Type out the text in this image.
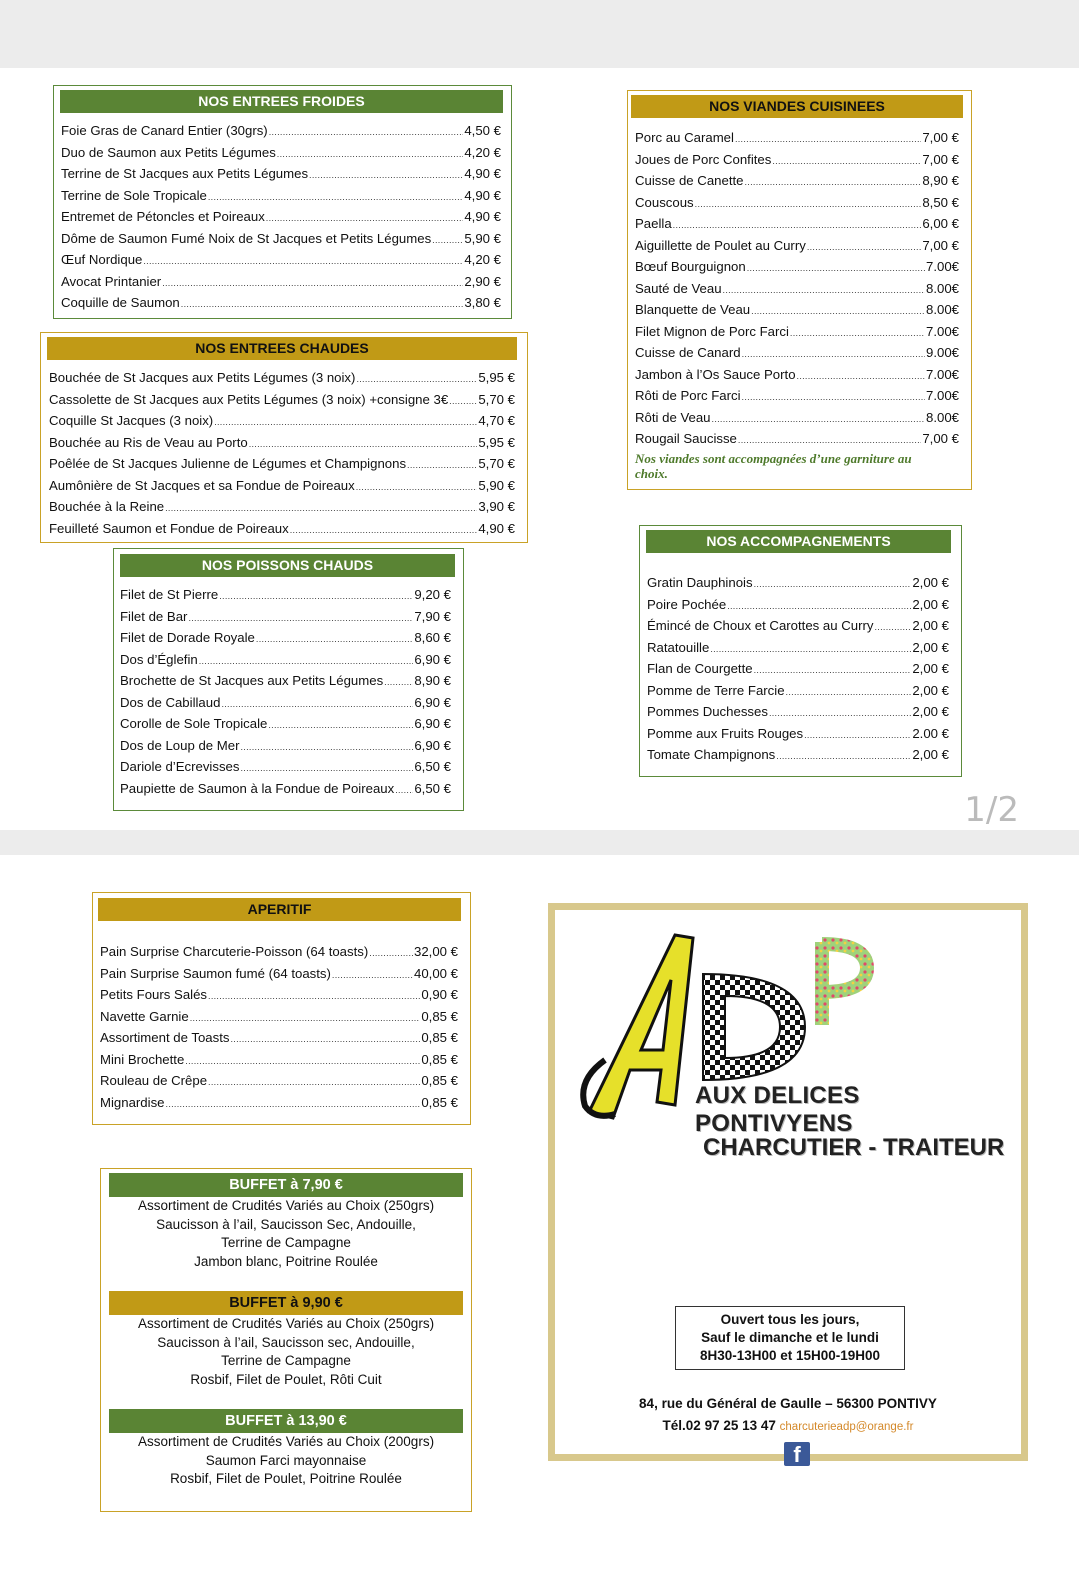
NOS ENTREES FROIDES
Foie Gras de Canard Entier (30grs) .....	4,50 €
Duo de Saumon aux Petits Légumes .....	4,20 €
Terrine de St Jacques aux Petits Légumes .....	4,90 €
Terrine de Sole Tropicale .....	4,90 €
Entremet de Pétoncles et Poireaux .....	4,90 €
Dôme de Saumon Fumé Noix de St Jacques et Petits Légumes .....	5,90 €
Œuf Nordique .....	4,20 €
Avocat Printanier .....	2,90 €
Coquille de Saumon .....	3,80 €
NOS ENTREES CHAUDES
Bouchée de St Jacques aux Petits Légumes (3 noix) .....	5,95 €
Cassolette de St Jacques aux Petits Légumes (3 noix) +consigne 3€ ..... 5,70 €
Coquille St Jacques (3 noix) .....	4,70 €
Bouchée au Ris de Veau au Porto .....	5,95 €
Poêlée de St Jacques Julienne de Légumes et Champignons .....	5,70 €
Aumônière de St Jacques et sa Fondue de Poireaux .....	5,90 €
Bouchée à la Reine .....	3,90 €
Feuilleté Saumon et Fondue de Poireaux .....	4,90 €
NOS POISSONS CHAUDS
Filet de St Pierre .....	9,20 €
Filet de Bar .....	7,90 €
Filet de Dorade Royale .....	8,60 €
Dos d’Églefin .....	6,90 €
Brochette de St Jacques aux Petits Légumes ..... 8,90 €
Dos de Cabillaud .....	6,90 €
Corolle de Sole Tropicale .....	6,90 €
Dos de Loup de Mer .....	6,90 €
Dariole d’Ecrevisses .....	6,50 €
Paupiette de Saumon à la Fondue de Poireaux ..... 6,50 €
NOS VIANDES CUISINEES
Porc au Caramel .....	7,00 €
Joues de Porc Confites .....	7,00 €
Cuisse de Canette .....	8,90 €
Couscous .....	8,50 €
Paella .....	6,00 €
Aiguillette de Poulet au Curry .....	7,00 €
Bœuf Bourguignon .....	7.00€
Sauté de Veau .....	8.00€
Blanquette de Veau .....	8.00€
Filet Mignon de Porc Farci .....	7.00€
Cuisse de Canard .....	9.00€
Jambon à l’Os Sauce Porto .....	7.00€
Rôti de Porc Farci .....	7.00€
Rôti de Veau .....	8.00€
Rougail Saucisse .....	7,00 €
Nos viandes sont accompagnées d’une garniture au choix.
NOS ACCOMPAGNEMENTS
Gratin Dauphinois .....	2,00 €
Poire Pochée .....	2,00 €
Émincé de Choux et Carottes au Curry .....	2,00 €
Ratatouille .....	2,00 €
Flan de Courgette .....	2,00 €
Pomme de Terre Farcie .....	2,00 €
Pommes Duchesses .....	2,00 €
Pomme aux Fruits Rouges .....	2.00 €
Tomate Champignons .....	2,00 €
1/2
APERITIF
Pain Surprise Charcuterie-Poisson (64 toasts) .....	32,00 €
Pain Surprise Saumon fumé (64 toasts) .....	40,00 €
Petits Fours Salés .....	0,90 €
Navette Garnie .....	0,85 €
Assortiment de Toasts .....	0,85 €
Mini Brochette .....	0,85 €
Rouleau de Crêpe .....	0,85 €
Mignardise .....	0,85 €
BUFFET à 7,90 €
Assortiment de Crudités Variés au Choix (250grs)
Saucisson à l’ail, Saucisson Sec, Andouille,
Terrine de Campagne
Jambon blanc, Poitrine Roulée
BUFFET à 9,90 €
Assortiment de Crudités Variés au Choix (250grs)
Saucisson à l’ail, Saucisson sec, Andouille,
Terrine de Campagne
Rosbif, Filet de Poulet, Rôti Cuit
BUFFET à 13,90 €
Assortiment de Crudités Variés au Choix (200grs)
Saumon Farci mayonnaise
Rosbif, Filet de Poulet, Poitrine Roulée
AUX DELICES PONTIVYENS
CHARCUTIER - TRAITEUR
Ouvert tous les jours,
Sauf le dimanche et le lundi
8H30-13H00 et 15H00-19H00
84, rue du Général de Gaulle – 56300 PONTIVY
Tél.02 97 25 13 47 charcuterieadp@orange.fr
f
